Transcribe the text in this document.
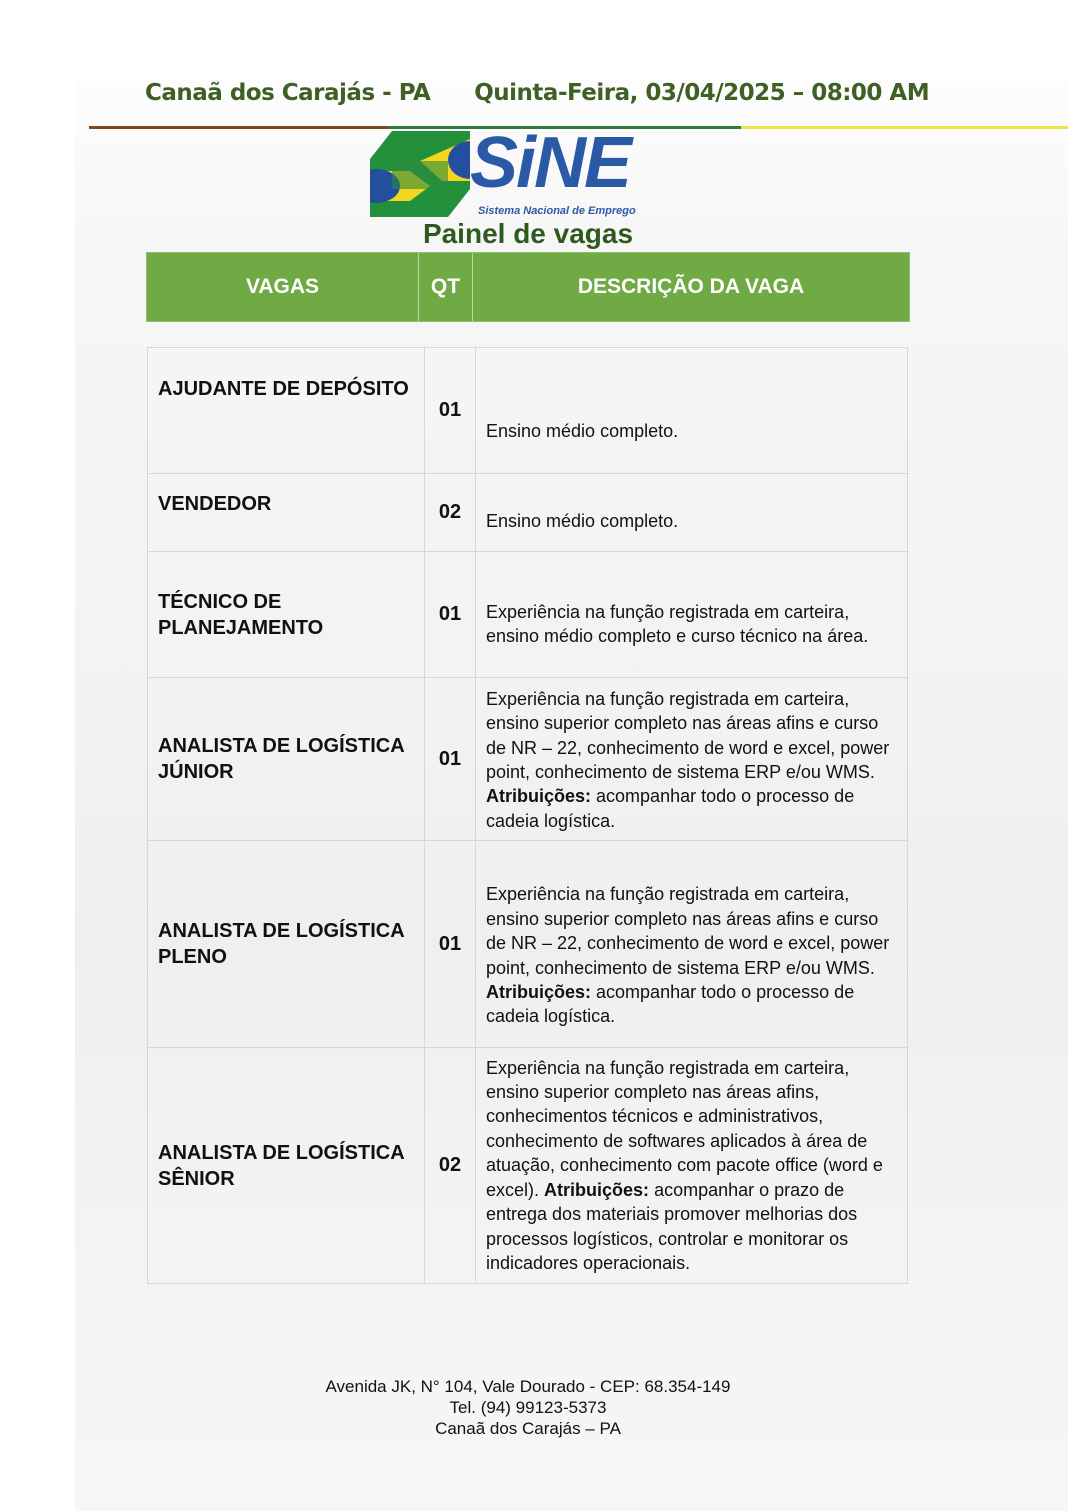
Canaã dos Carajás - PA Quinta-Feira, 03/04/2025 – 08:00 AM
SiNE
Sistema Nacional de Emprego
Painel de vagas
VAGAS	QT	DESCRIÇÃO DA VAGA
AJUDANTE DE DEPÓSITO	01	Ensino médio completo.
VENDEDOR	02	Ensino médio completo.
TÉCNICO DE PLANEJAMENTO	01	Experiência na função registrada em carteira, ensino médio completo e curso técnico na área.
ANALISTA DE LOGÍSTICA JÚNIOR	01	Experiência na função registrada em carteira, ensino superior completo nas áreas afins e curso de NR – 22, conhecimento de word e excel, power point, conhecimento de sistema ERP e/ou WMS. Atribuições: acompanhar todo o processo de cadeia logística.
ANALISTA DE LOGÍSTICA PLENO	01	Experiência na função registrada em carteira, ensino superior completo nas áreas afins e curso de NR – 22, conhecimento de word e excel, power point, conhecimento de sistema ERP e/ou WMS. Atribuições: acompanhar todo o processo de cadeia logística.
ANALISTA DE LOGÍSTICA SÊNIOR	02	Experiência na função registrada em carteira, ensino superior completo nas áreas afins, conhecimentos técnicos e administrativos, conhecimento de softwares aplicados à área de atuação, conhecimento com pacote office (word e excel). Atribuições: acompanhar o prazo de entrega dos materiais promover melhorias dos processos logísticos, controlar e monitorar os indicadores operacionais.
Avenida JK, N° 104, Vale Dourado - CEP: 68.354-149
Tel. (94) 99123-5373
Canaã dos Carajás – PA
